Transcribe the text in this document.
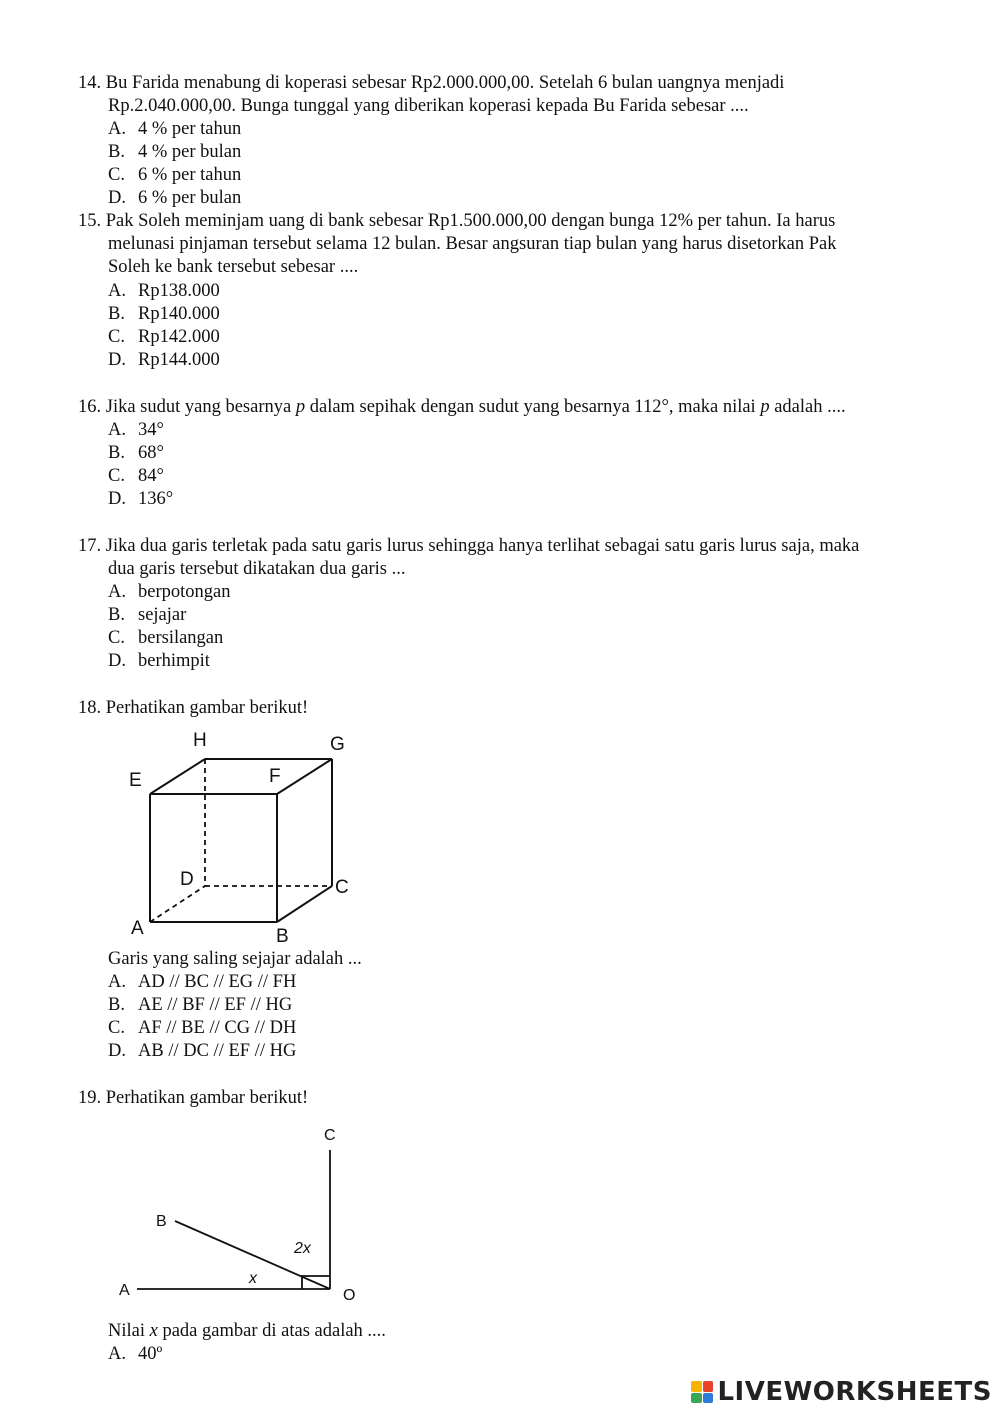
14. Bu Farida menabung di koperasi sebesar Rp2.000.000,00. Setelah 6 bulan uangnya menjadi
Rp.2.040.000,00. Bunga tunggal yang diberikan koperasi kepada Bu Farida sebesar ....
A. 4 % per tahun
B. 4 % per bulan
C. 6 % per tahun
D. 6 % per bulan
15. Pak Soleh meminjam uang di bank sebesar Rp1.500.000,00 dengan bunga 12% per tahun. Ia harus
melunasi pinjaman tersebut selama 12 bulan. Besar angsuran tiap bulan yang harus disetorkan Pak
Soleh ke bank tersebut sebesar ....
A. Rp138.000
B. Rp140.000
C. Rp142.000
D. Rp144.000
16. Jika sudut yang besarnya p dalam sepihak dengan sudut yang besarnya 112°, maka nilai p adalah ....
A. 34°
B. 68°
C. 84°
D. 136°
17. Jika dua garis terletak pada satu garis lurus sehingga hanya terlihat sebagai satu garis lurus saja, maka
dua garis tersebut dikatakan dua garis ...
A. berpotongan
B. sejajar
C. bersilangan
D. berhimpit
18. Perhatikan gambar berikut!
H	G
E	F
D	C
A	B
Garis yang saling sejajar adalah ...
A. AD // BC // EG // FH
B. AE // BF // EF // HG
C. AF // BE // CG // DH
D. AB // DC // EF // HG
19. Perhatikan gambar berikut!
C
B
A	O
2x
x
Nilai x pada gambar di atas adalah ....
A. 40º
LIVEWORKSHEETS
